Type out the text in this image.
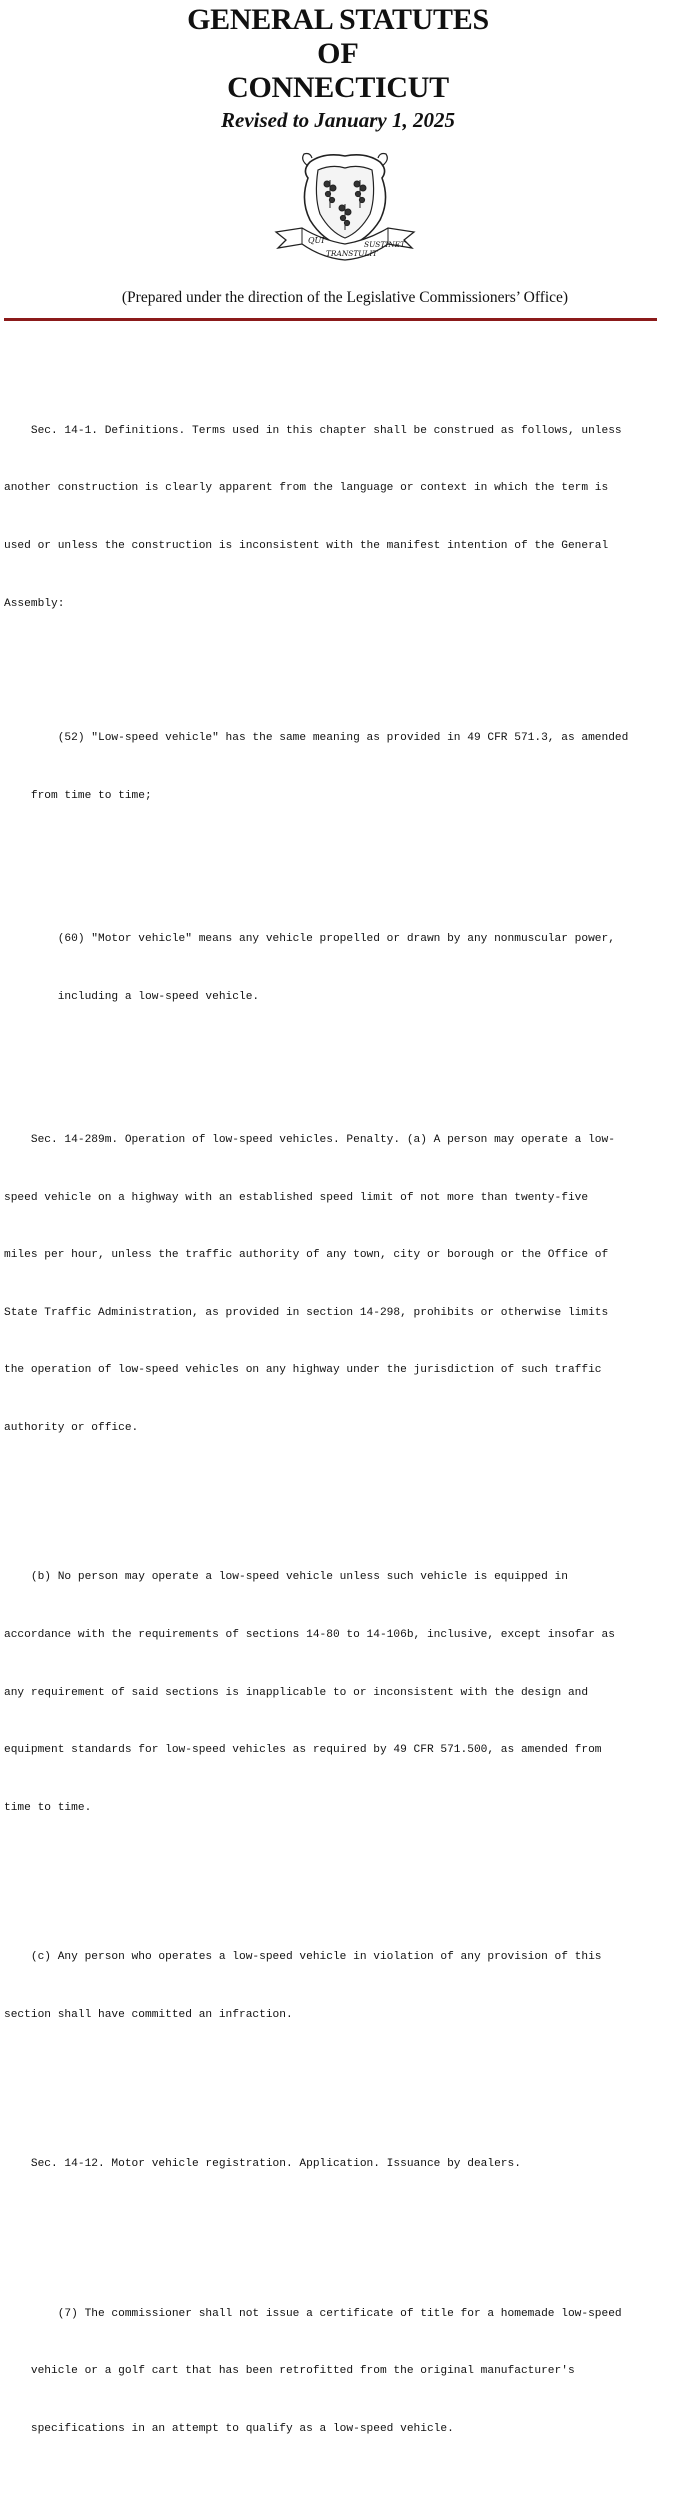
GENERAL STATUTES
OF
CONNECTICUT
Revised to January 1, 2025
QUI
TRANSTULIT
SUSTINET
(Prepared under the direction of the Legislative Commissioners’ Office)

Sec. 14-1. Definitions. Terms used in this chapter shall be construed as follows, unless

another construction is clearly apparent from the language or context in which the term is

used or unless the construction is inconsistent with the manifest intention of the General

Assembly:

(52) "Low-speed vehicle" has the same meaning as provided in 49 CFR 571.3, as amended

from time to time;

(60) "Motor vehicle" means any vehicle propelled or drawn by any nonmuscular power,

including a low-speed vehicle.

Sec. 14-289m. Operation of low-speed vehicles. Penalty. (a) A person may operate a low-

speed vehicle on a highway with an established speed limit of not more than twenty-five

miles per hour, unless the traffic authority of any town, city or borough or the Office of

State Traffic Administration, as provided in section 14-298, prohibits or otherwise limits

the operation of low-speed vehicles on any highway under the jurisdiction of such traffic

authority or office.

(b) No person may operate a low-speed vehicle unless such vehicle is equipped in

accordance with the requirements of sections 14-80 to 14-106b, inclusive, except insofar as

any requirement of said sections is inapplicable to or inconsistent with the design and

equipment standards for low-speed vehicles as required by 49 CFR 571.500, as amended from

time to time.

(c) Any person who operates a low-speed vehicle in violation of any provision of this

section shall have committed an infraction.

Sec. 14-12. Motor vehicle registration. Application. Issuance by dealers.

(7) The commissioner shall not issue a certificate of title for a homemade low-speed

vehicle or a golf cart that has been retrofitted from the original manufacturer's

specifications in an attempt to qualify as a low-speed vehicle.
